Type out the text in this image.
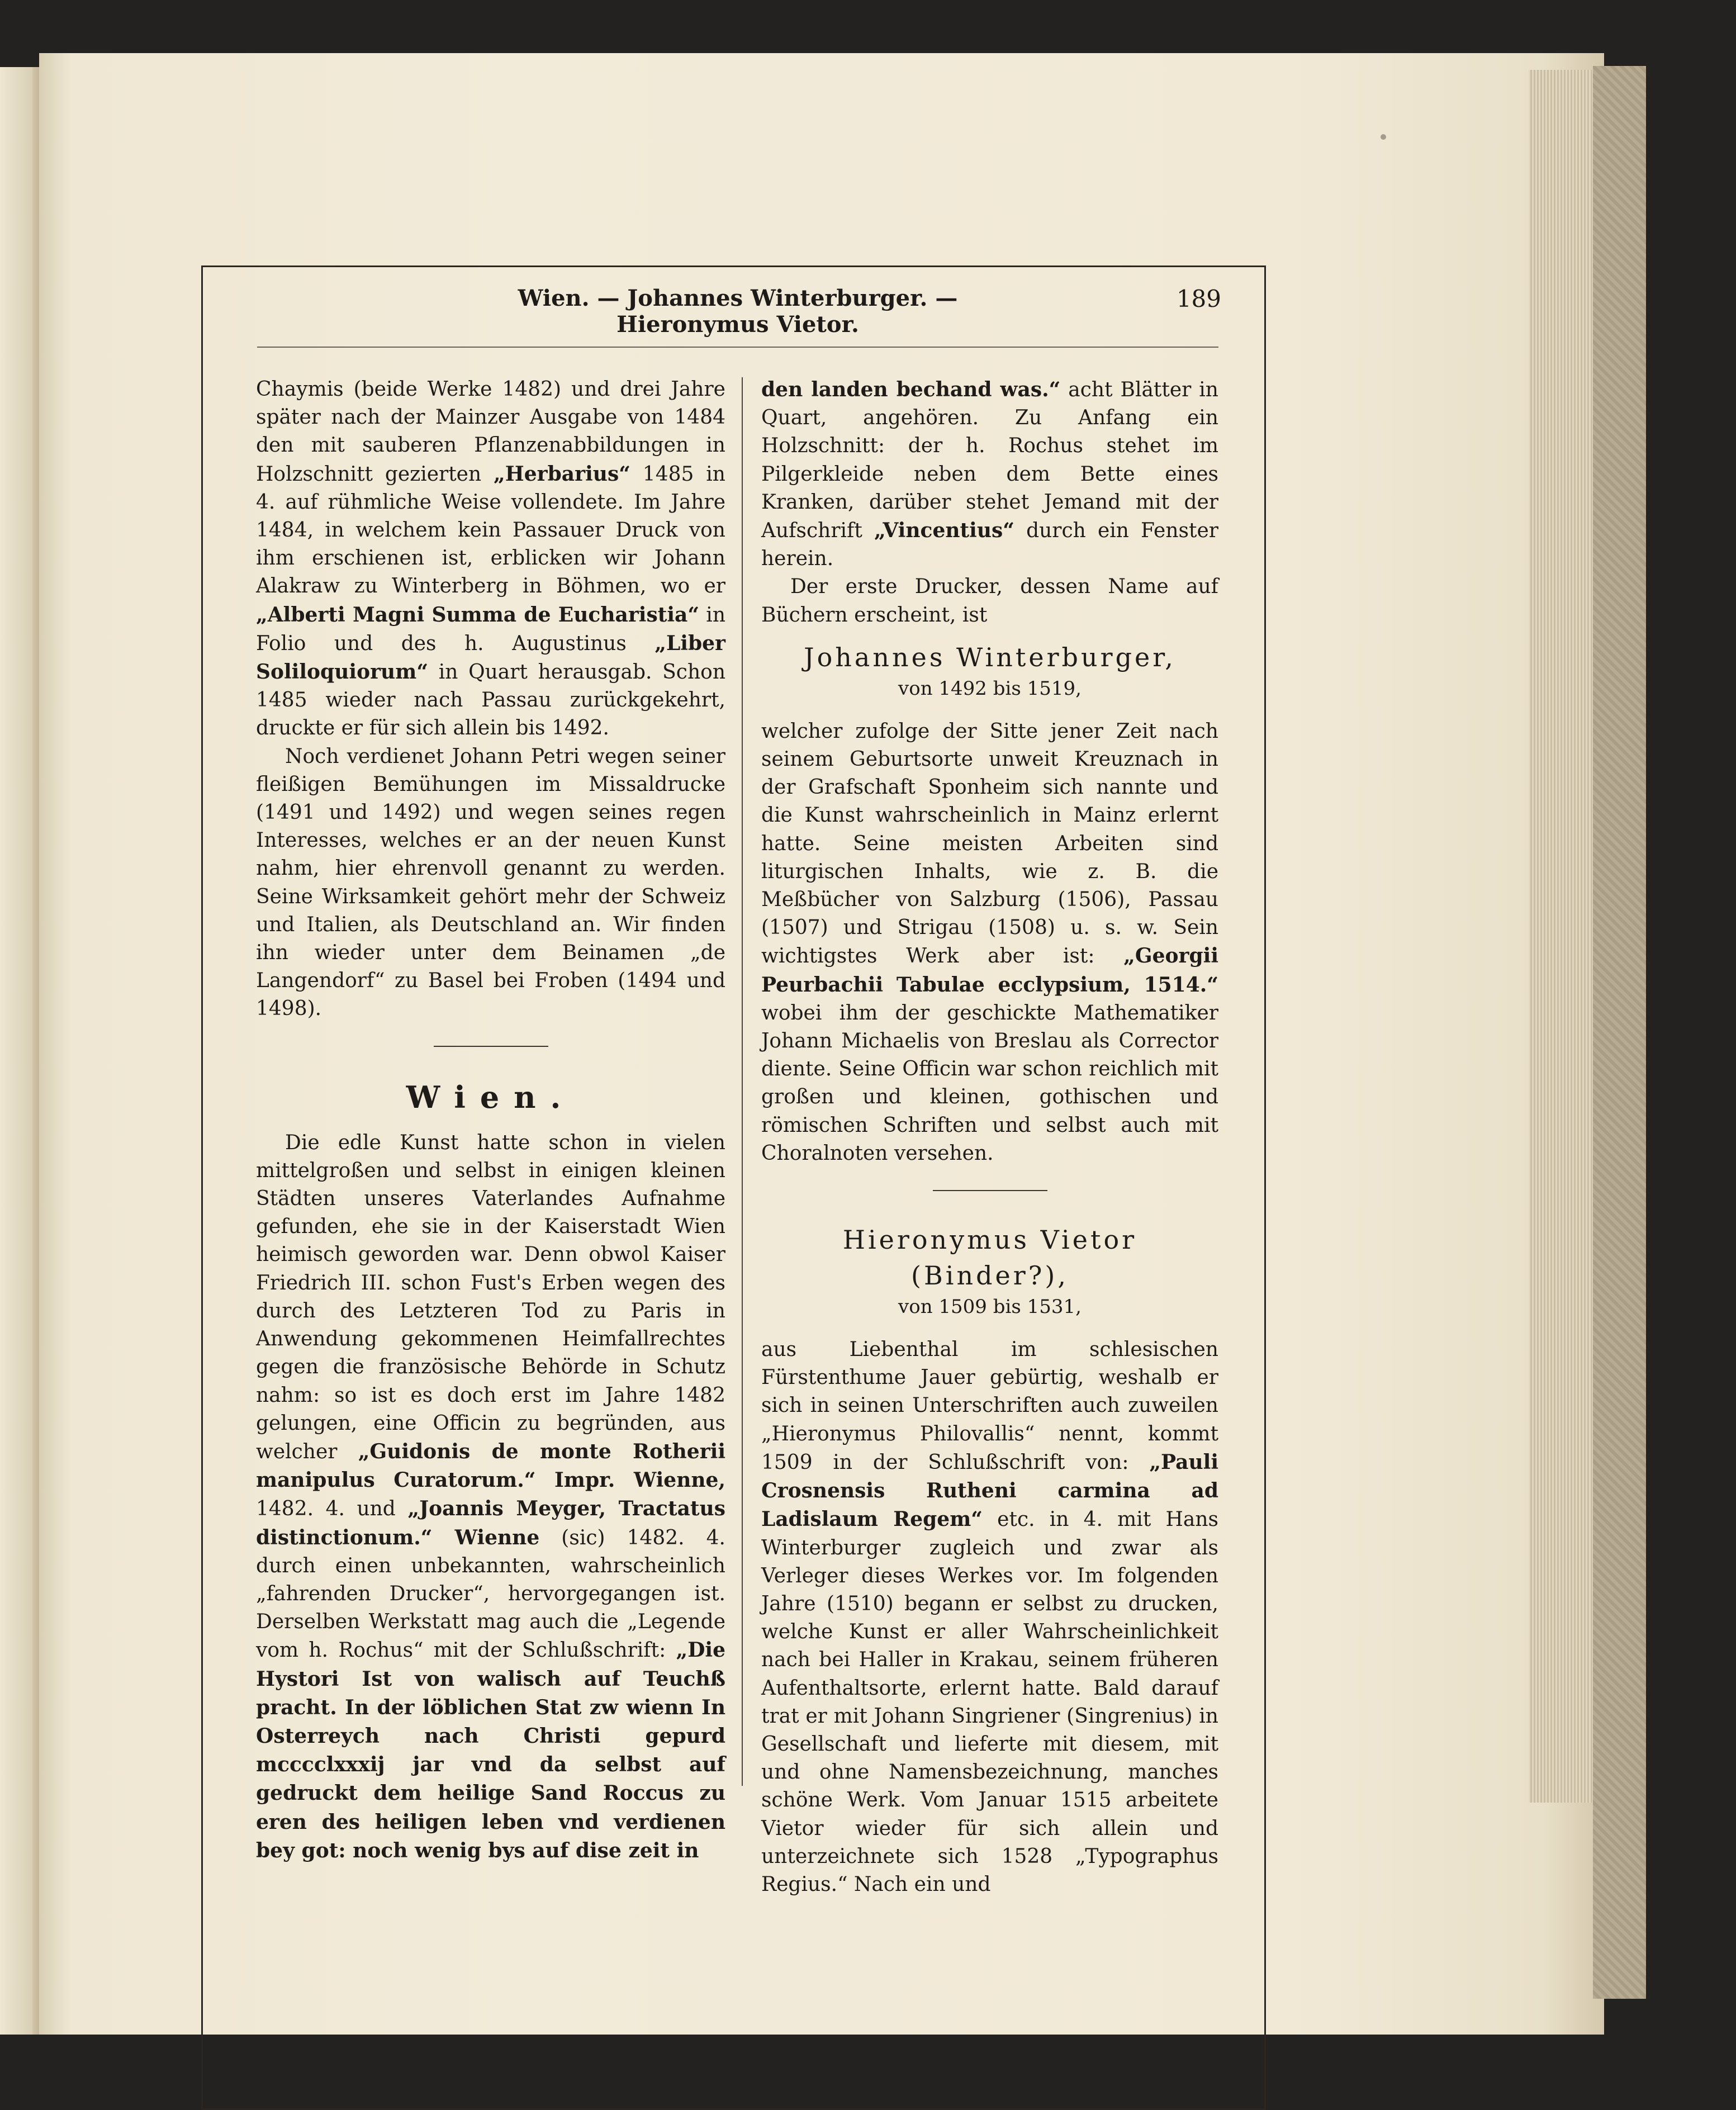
Wien. — Johannes Winterburger. — Hieronymus Vietor.
189

Chaymis (beide Werke 1482) und drei Jahre später nach der Mainzer Ausgabe von 1484 den mit sauberen Pflanzenabbildungen in Holzschnitt gezierten „Herbarius“ 1485 in 4. auf rühmliche Weise vollendete. Im Jahre 1484, in welchem kein Passauer Druck von ihm erschienen ist, erblicken wir Johann Alakraw zu Winterberg in Böhmen, wo er „Alberti Magni Summa de Eucharistia“ in Folio und des h. Augustinus „Liber Soliloquiorum“ in Quart herausgab. Schon 1485 wieder nach Passau zurückgekehrt, druckte er für sich allein bis 1492.

Noch verdienet Johann Petri wegen seiner fleißigen Bemühungen im Missaldrucke (1491 und 1492) und wegen seines regen Interesses, welches er an der neuen Kunst nahm, hier ehrenvoll genannt zu werden. Seine Wirksamkeit gehört mehr der Schweiz und Italien, als Deutschland an. Wir finden ihn wieder unter dem Beinamen „de Langendorf“ zu Basel bei Froben (1494 und 1498).

Wien.

Die edle Kunst hatte schon in vielen mittelgroßen und selbst in einigen kleinen Städten unseres Vaterlandes Aufnahme gefunden, ehe sie in der Kaiserstadt Wien heimisch geworden war. Denn obwol Kaiser Friedrich III. schon Fust's Erben wegen des durch des Letzteren Tod zu Paris in Anwendung gekommenen Heimfallrechtes gegen die französische Behörde in Schutz nahm: so ist es doch erst im Jahre 1482 gelungen, eine Officin zu begründen, aus welcher „Guidonis de monte Rotherii manipulus Curatorum.“ Impr. Wienne, 1482. 4. und „Joannis Meyger, Tractatus distinctionum.“ Wienne (sic) 1482. 4. durch einen unbekannten, wahrscheinlich „fahrenden Drucker“, hervorgegangen ist. Derselben Werkstatt mag auch die „Legende vom h. Rochus“ mit der Schlußschrift: „Die Hystori Ist von walisch auf Teuchß pracht. In der löblichen Stat zw wienn In Osterreych nach Christi gepurd mcccclxxxij jar vnd da selbst auf gedruckt dem heilige Sand Roccus zu eren des heiligen leben vnd verdienen bey got: noch wenig bys auf dise zeit in

den landen bechand was.“ acht Blätter in Quart, angehören. Zu Anfang ein Holzschnitt: der h. Rochus stehet im Pilgerkleide neben dem Bette eines Kranken, darüber stehet Jemand mit der Aufschrift „Vincentius“ durch ein Fenster herein.

Der erste Drucker, dessen Name auf Büchern erscheint, ist

Johannes Winterburger,
von 1492 bis 1519,

welcher zufolge der Sitte jener Zeit nach seinem Geburtsorte unweit Kreuznach in der Grafschaft Sponheim sich nannte und die Kunst wahrscheinlich in Mainz erlernt hatte. Seine meisten Arbeiten sind liturgischen Inhalts, wie z. B. die Meßbücher von Salzburg (1506), Passau (1507) und Strigau (1508) u. s. w. Sein wichtigstes Werk aber ist: „Georgii Peurbachii Tabulae ecclypsium, 1514.“ wobei ihm der geschickte Mathematiker Johann Michaelis von Breslau als Corrector diente. Seine Officin war schon reichlich mit großen und kleinen, gothischen und römischen Schriften und selbst auch mit Choralnoten versehen.

Hieronymus Vietor (Binder?),
von 1509 bis 1531,

aus Liebenthal im schlesischen Fürstenthume Jauer gebürtig, weshalb er sich in seinen Unterschriften auch zuweilen „Hieronymus Philovallis“ nennt, kommt 1509 in der Schlußschrift von: „Pauli Crosnensis Rutheni carmina ad Ladislaum Regem“ etc. in 4. mit Hans Winterburger zugleich und zwar als Verleger dieses Werkes vor. Im folgenden Jahre (1510) begann er selbst zu drucken, welche Kunst er aller Wahrscheinlichkeit nach bei Haller in Krakau, seinem früheren Aufenthaltsorte, erlernt hatte. Bald darauf trat er mit Johann Singriener (Singrenius) in Gesellschaft und lieferte mit diesem, mit und ohne Namensbezeichnung, manches schöne Werk. Vom Januar 1515 arbeitete Vietor wieder für sich allein und unterzeichnete sich 1528 „Typographus Regius.“ Nach ein und
